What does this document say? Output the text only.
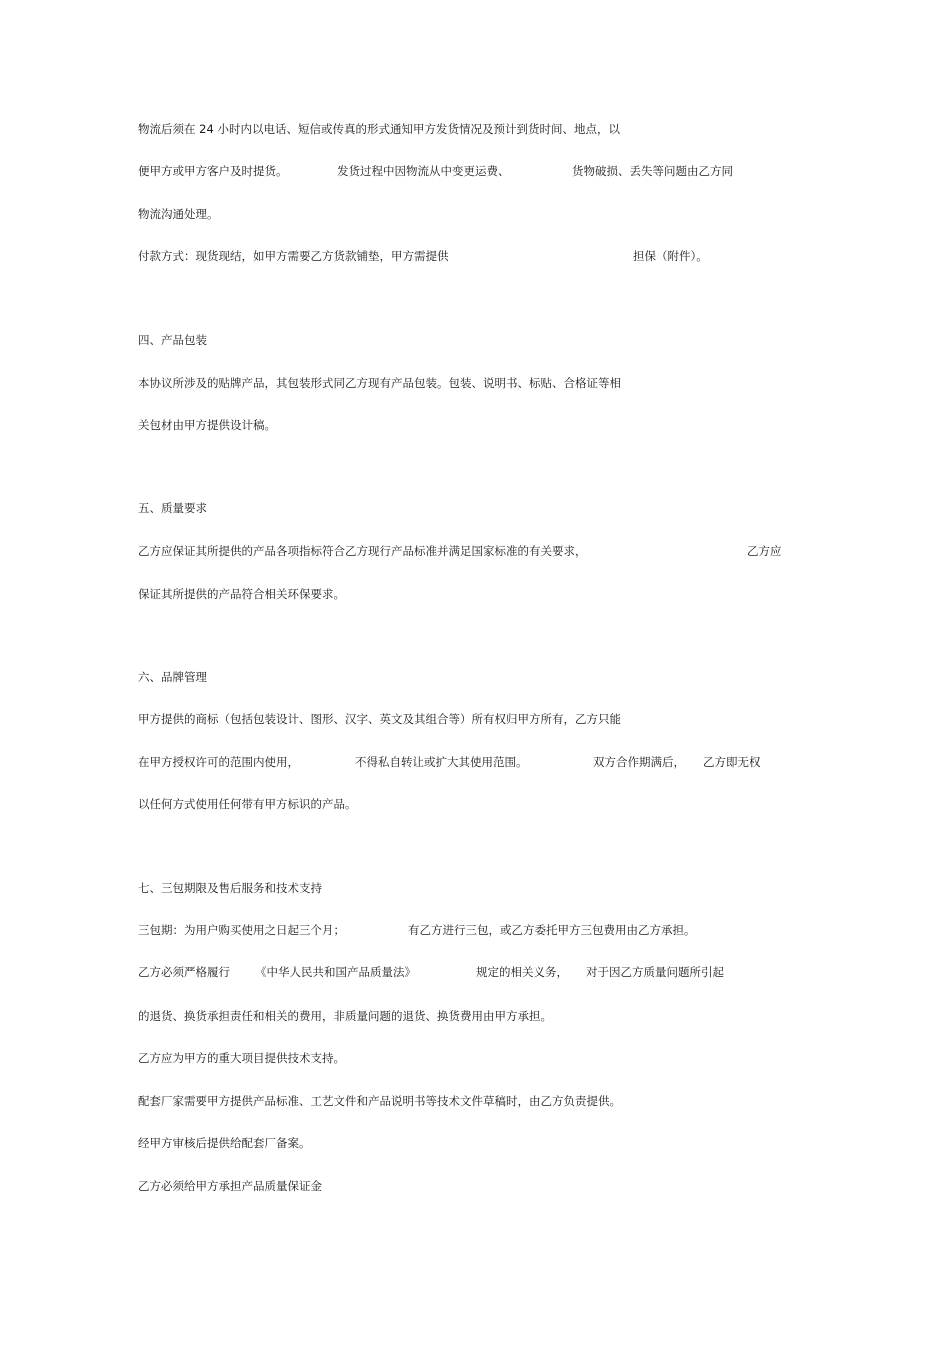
物流后须在 24 小时内以电话、短信或传真的形式通知甲方发货情况及预计到货时间、地点，以
便甲方或甲方客户及时提货。	发货过程中因物流从中变更运费、	货物破损、丢失等问题由乙方同
物流沟通处理。
付款方式：现货现结，如甲方需要乙方货款铺垫，甲方需提供	担保（附件）。
四、产品包装
本协议所涉及的贴牌产品，其包装形式同乙方现有产品包装。包装、说明书、标贴、合格证等相
关包材由甲方提供设计稿。
五、质量要求
乙方应保证其所提供的产品各项指标符合乙方现行产品标准并满足国家标准的有关要求，	乙方应
保证其所提供的产品符合相关环保要求。
六、品牌管理
甲方提供的商标（包括包装设计、图形、汉字、英文及其组合等）所有权归甲方所有，乙方只能
在甲方授权许可的范围内使用，	不得私自转让或扩大其使用范围。	双方合作期满后， 乙方即无权
以任何方式使用任何带有甲方标识的产品。
七、三包期限及售后服务和技术支持
三包期：为用户购买使用之日起三个月；	有乙方进行三包，或乙方委托甲方三包费用由乙方承担。
乙方必须严格履行 《中华人民共和国产品质量法》	规定的相关义务， 对于因乙方质量问题所引起
的退货、换货承担责任和相关的费用，非质量问题的退货、换货费用由甲方承担。
乙方应为甲方的重大项目提供技术支持。
配套厂家需要甲方提供产品标准、工艺文件和产品说明书等技术文件草稿时，由乙方负责提供。
经甲方审核后提供给配套厂备案。
乙方必须给甲方承担产品质量保证金
